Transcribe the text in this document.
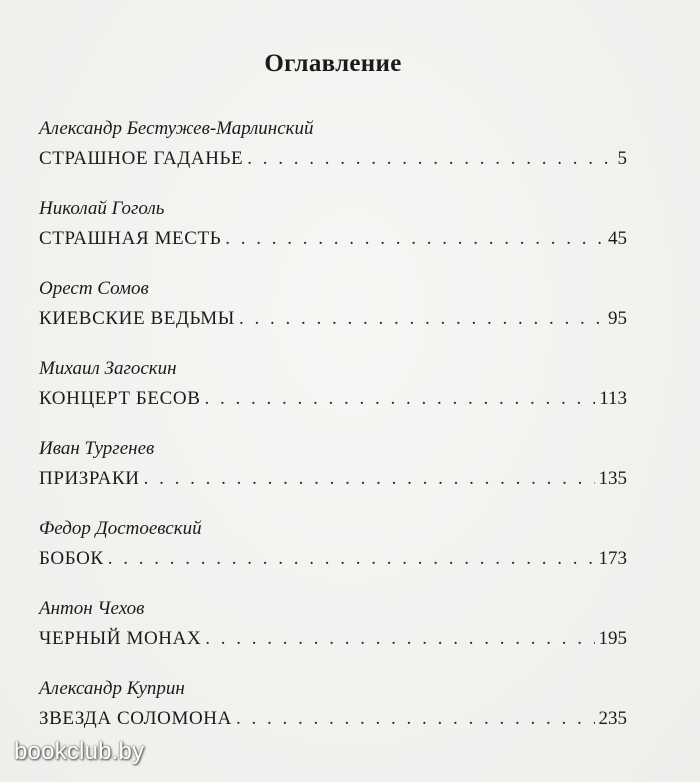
Оглавление
Александр Бестужев-Марлинский
СТРАШНОЕ ГАДАНЬЕ . . .	5
Николай Гоголь
СТРАШНАЯ МЕСТЬ . . .	45
Орест Сомов
КИЕВСКИЕ ВЕДЬМЫ . . .	95
Михаил Загоскин
КОНЦЕРТ БЕСОВ . . .	113
Иван Тургенев
ПРИЗРАКИ . . .	135
Федор Достоевский
БОБОК . . .	173
Антон Чехов
ЧЕРНЫЙ МОНАХ . . .	195
Александр Куприн
ЗВЕЗДА СОЛОМОНА . . .	235
bookclub.by
